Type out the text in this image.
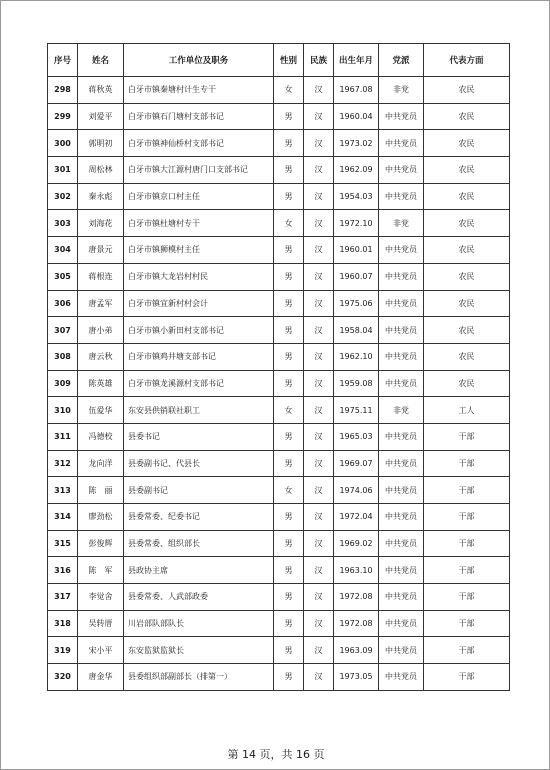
序号	姓名	工作单位及职务	性别	民族	出生年月	党派	代表方面
298	蒋秋英	白牙市镇秦塘村计生专干	女	汉	1967.08	非党	农民
299	刘爱平	白牙市镇石门塘村支部书记	男	汉	1960.04	中共党员	农民
300	郭明初	白牙市镇神仙桥村支部书记	男	汉	1973.02	中共党员	农民
301	周松林	白牙市镇大江源村唐门口支部书记	男	汉	1962.09	中共党员	农民
302	秦永彪	白牙市镇京口村主任	男	汉	1954.03	中共党员	农民
303	刘海花	白牙市镇杜塘村专干	女	汉	1972.10	非党	农民
304	唐景元	白牙市镇狮模村主任	男	汉	1960.01	中共党员	农民
305	蒋根连	白牙市镇大龙岩村村民	男	汉	1960.07	中共党员	农民
306	唐孟军	白牙市镇宜新村村会计	男	汉	1975.06	中共党员	农民
307	唐小弟	白牙市镇小新田村支部书记	男	汉	1958.04	中共党员	农民
308	唐云秋	白牙市镇鸡井塘支部书记	男	汉	1962.10	中共党员	农民
309	陈英雄	白牙市镇龙溪源村支部书记	男	汉	1959.08	中共党员	农民
310	伍爱华	东安县供销联社职工	女	汉	1975.11	非党	工人
311	冯德校	县委书记	男	汉	1965.03	中共党员	干部
312	龙向洋	县委副书记、代县长	男	汉	1969.07	中共党员	干部
313	陈　丽	县委副书记	女	汉	1974.06	中共党员	干部
314	廖劲松	县委常委、纪委书记	男	汉	1972.04	中共党员	干部
315	彭俊辉	县委常委、组织部长	男	汉	1969.02	中共党员	干部
316	陈　军	县政协主席	男	汉	1963.10	中共党员	干部
317	李觉舍	县委常委、人武部政委	男	汉	1972.08	中共党员	干部
318	吴转厝	川岩部队部队长	男	汉	1972.08	中共党员	干部
319	宋小平	东安监狱监狱长	男	汉	1963.09	中共党员	干部
320	唐金华	县委组织部副部长（排第一）	男	汉	1973.05	中共党员	干部
第 14 页，共 16 页
